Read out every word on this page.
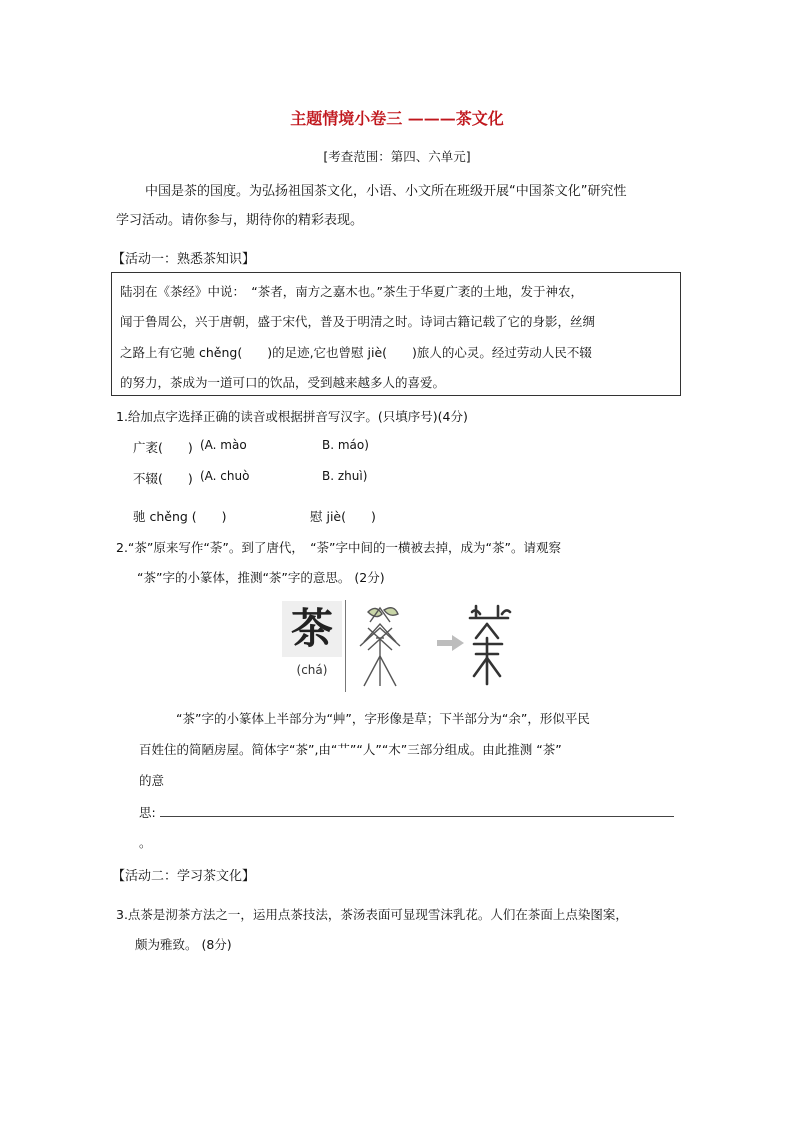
主题情境小卷三 ———茶文化
[考查范围：第四、六单元]
中国是茶的国度。为弘扬祖国茶文化，小语、小文所在班级开展“中国茶文化”研究性
学习活动。请你参与，期待你的精彩表现。
【活动一：熟悉茶知识】
陆羽在《茶经》中说：　“茶者，南方之嘉木也。”茶生于华夏广袤的土地，发于神农，
闻于鲁周公，兴于唐朝，盛于宋代，普及于明清之时。诗词古籍记载了它的身影，丝绸
之路上有它驰 chěng(　　)的足迹,它也曾慰 jiè(　　)旅人的心灵。经过劳动人民不辍
的努力，茶成为一道可口的饮品，受到越来越多人的喜爱。
1.给加点字选择正确的读音或根据拼音写汉字。(只填序号)(4分)
广袤(　　) (A. mào	B. máo)
不辍(　　) (A. chuò	B. zhuì)
驰 chěng (　　)	慰 jiè(　　)
2.“茶”原来写作“荼”。到了唐代，　“荼”字中间的一横被去掉，成为“茶”。请观察
“茶”字的小篆体，推测“茶”字的意思。 (2分)
茶
(chá)
“茶”字的小篆体上半部分为“艸”，字形像是草；下半部分为“余”，形似平民
百姓住的简陋房屋。简体字“茶”,由“艹”“人”“木”三部分组成。由此推测 “茶”
的意
思:
。
【活动二：学习茶文化】
3.点茶是沏茶方法之一，运用点茶技法，茶汤表面可显现雪沫乳花。人们在茶面上点染图案，
颇为雅致。 (8分)
